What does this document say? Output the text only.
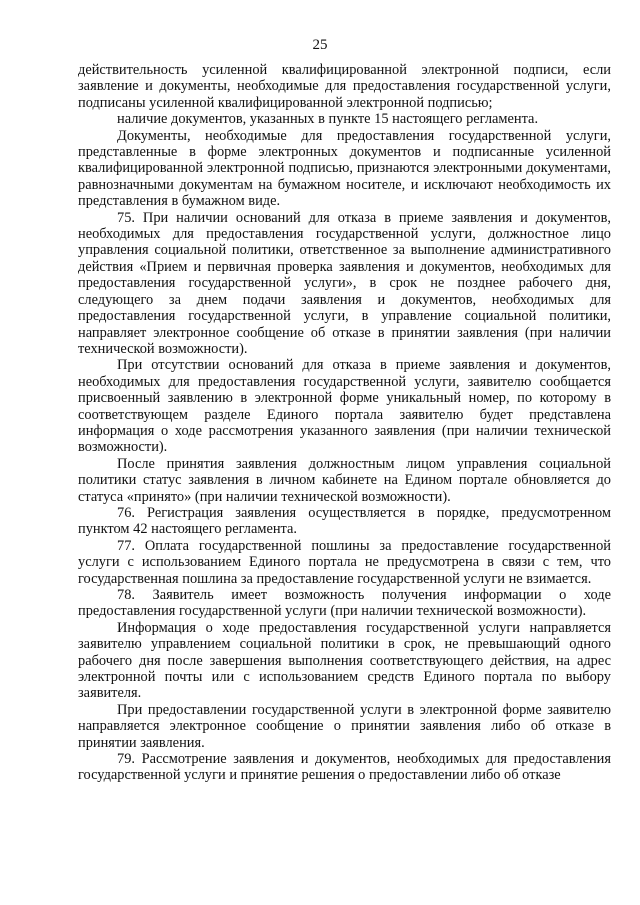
25

действительность усиленной квалифицированной электронной подписи, если заявление и документы, необходимые для предоставления государственной услуги, подписаны усиленной квалифицированной электронной подписью;

наличие документов, указанных в пункте 15 настоящего регламента.

Документы, необходимые для предоставления государственной услуги, представленные в форме электронных документов и подписанные усиленной квалифицированной электронной подписью, признаются электронными документами, равнозначными документам на бумажном носителе, и исключают необходимость их представления в бумажном виде.

75. При наличии оснований для отказа в приеме заявления и документов, необходимых для предоставления государственной услуги, должностное лицо управления социальной политики, ответственное за выполнение административного действия «Прием и первичная проверка заявления и документов, необходимых для предоставления государственной услуги», в срок не позднее рабочего дня, следующего за днем подачи заявления и документов, необходимых для предоставления государственной услуги, в управление социальной политики, направляет электронное сообщение об отказе в принятии заявления (при наличии технической возможности).

При отсутствии оснований для отказа в приеме заявления и документов, необходимых для предоставления государственной услуги, заявителю сообщается присвоенный заявлению в электронной форме уникальный номер, по которому в соответствующем разделе Единого портала заявителю будет представлена информация о ходе рассмотрения указанного заявления (при наличии технической возможности).

После принятия заявления должностным лицом управления социальной политики статус заявления в личном кабинете на Едином портале обновляется до статуса «принято» (при наличии технической возможности).

76. Регистрация заявления осуществляется в порядке, предусмотренном пунктом 42 настоящего регламента.

77. Оплата государственной пошлины за предоставление государственной услуги с использованием Единого портала не предусмотрена в связи с тем, что государственная пошлина за предоставление государственной услуги не взимается.

78. Заявитель имеет возможность получения информации о ходе предоставления государственной услуги (при наличии технической возможности).

Информация о ходе предоставления государственной услуги направляется заявителю управлением социальной политики в срок, не превышающий одного рабочего дня после завершения выполнения соответствующего действия, на адрес электронной почты или с использованием средств Единого портала по выбору заявителя.

При предоставлении государственной услуги в электронной форме заявителю направляется электронное сообщение о принятии заявления либо об отказе в принятии заявления.

79. Рассмотрение заявления и документов, необходимых для предоставления государственной услуги и принятие решения о предоставлении либо об отказе
